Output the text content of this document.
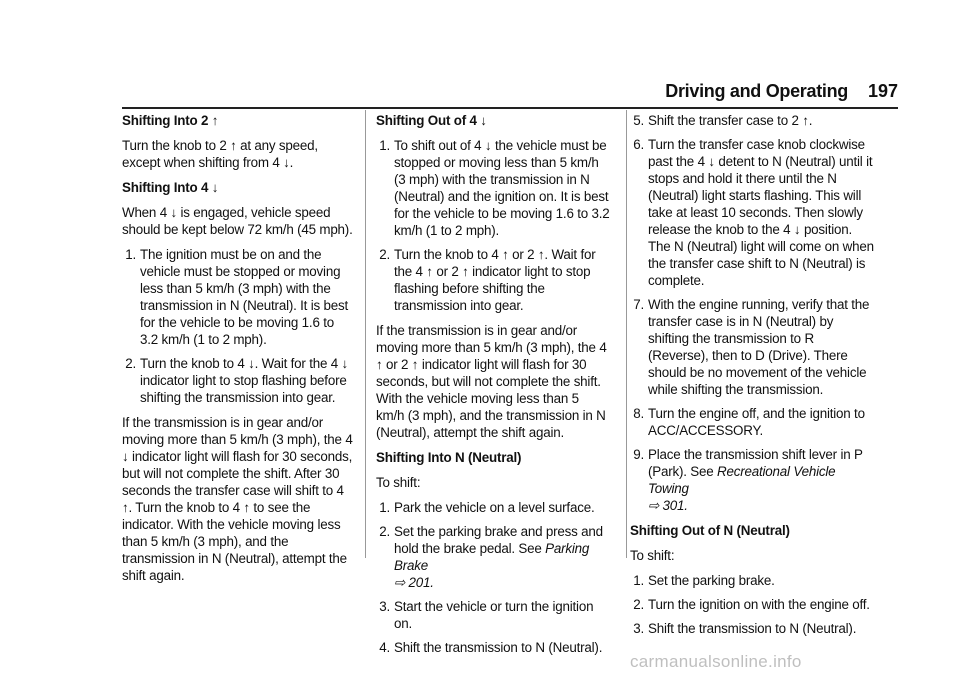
Driving and Operating 197
Shifting Into 2 ↑
Turn the knob to 2 ↑ at any speed, except when shifting from 4 ↓.
Shifting Into 4 ↓
When 4 ↓ is engaged, vehicle speed should be kept below 72 km/h (45 mph).
1. The ignition must be on and the vehicle must be stopped or moving less than 5 km/h (3 mph) with the transmission in N (Neutral). It is best for the vehicle to be moving 1.6 to 3.2 km/h (1 to 2 mph).
2. Turn the knob to 4 ↓. Wait for the 4 ↓ indicator light to stop flashing before shifting the transmission into gear.
If the transmission is in gear and/or moving more than 5 km/h (3 mph), the 4 ↓ indicator light will flash for 30 seconds, but will not complete the shift. After 30 seconds the transfer case will shift to 4 ↑. Turn the knob to 4 ↑ to see the indicator. With the vehicle moving less than 5 km/h (3 mph), and the transmission in N (Neutral), attempt the shift again.
Shifting Out of 4 ↓
1. To shift out of 4 ↓ the vehicle must be stopped or moving less than 5 km/h (3 mph) with the transmission in N (Neutral) and the ignition on. It is best for the vehicle to be moving 1.6 to 3.2 km/h (1 to 2 mph).
2. Turn the knob to 4 ↑ or 2 ↑. Wait for the 4 ↑ or 2 ↑ indicator light to stop flashing before shifting the transmission into gear.
If the transmission is in gear and/or moving more than 5 km/h (3 mph), the 4 ↑ or 2 ↑ indicator light will flash for 30 seconds, but will not complete the shift. With the vehicle moving less than 5 km/h (3 mph), and the transmission in N (Neutral), attempt the shift again.
Shifting Into N (Neutral)
To shift:
1. Park the vehicle on a level surface.
2. Set the parking brake and press and hold the brake pedal. See Parking Brake
⇨ 201.
3. Start the vehicle or turn the ignition on.
4. Shift the transmission to N (Neutral).
5. Shift the transfer case to 2 ↑.
6. Turn the transfer case knob clockwise past the 4 ↓ detent to N (Neutral) until it stops and hold it there until the N (Neutral) light starts flashing. This will take at least 10 seconds. Then slowly release the knob to the 4 ↓ position. The N (Neutral) light will come on when the transfer case shift to N (Neutral) is complete.
7. With the engine running, verify that the transfer case is in N (Neutral) by shifting the transmission to R (Reverse), then to D (Drive). There should be no movement of the vehicle while shifting the transmission.
8. Turn the engine off, and the ignition to ACC/ACCESSORY.
9. Place the transmission shift lever in P (Park). See Recreational Vehicle Towing
⇨ 301.
Shifting Out of N (Neutral)
To shift:
1. Set the parking brake.
2. Turn the ignition on with the engine off.
3. Shift the transmission to N (Neutral).
carmanualsonline.info
